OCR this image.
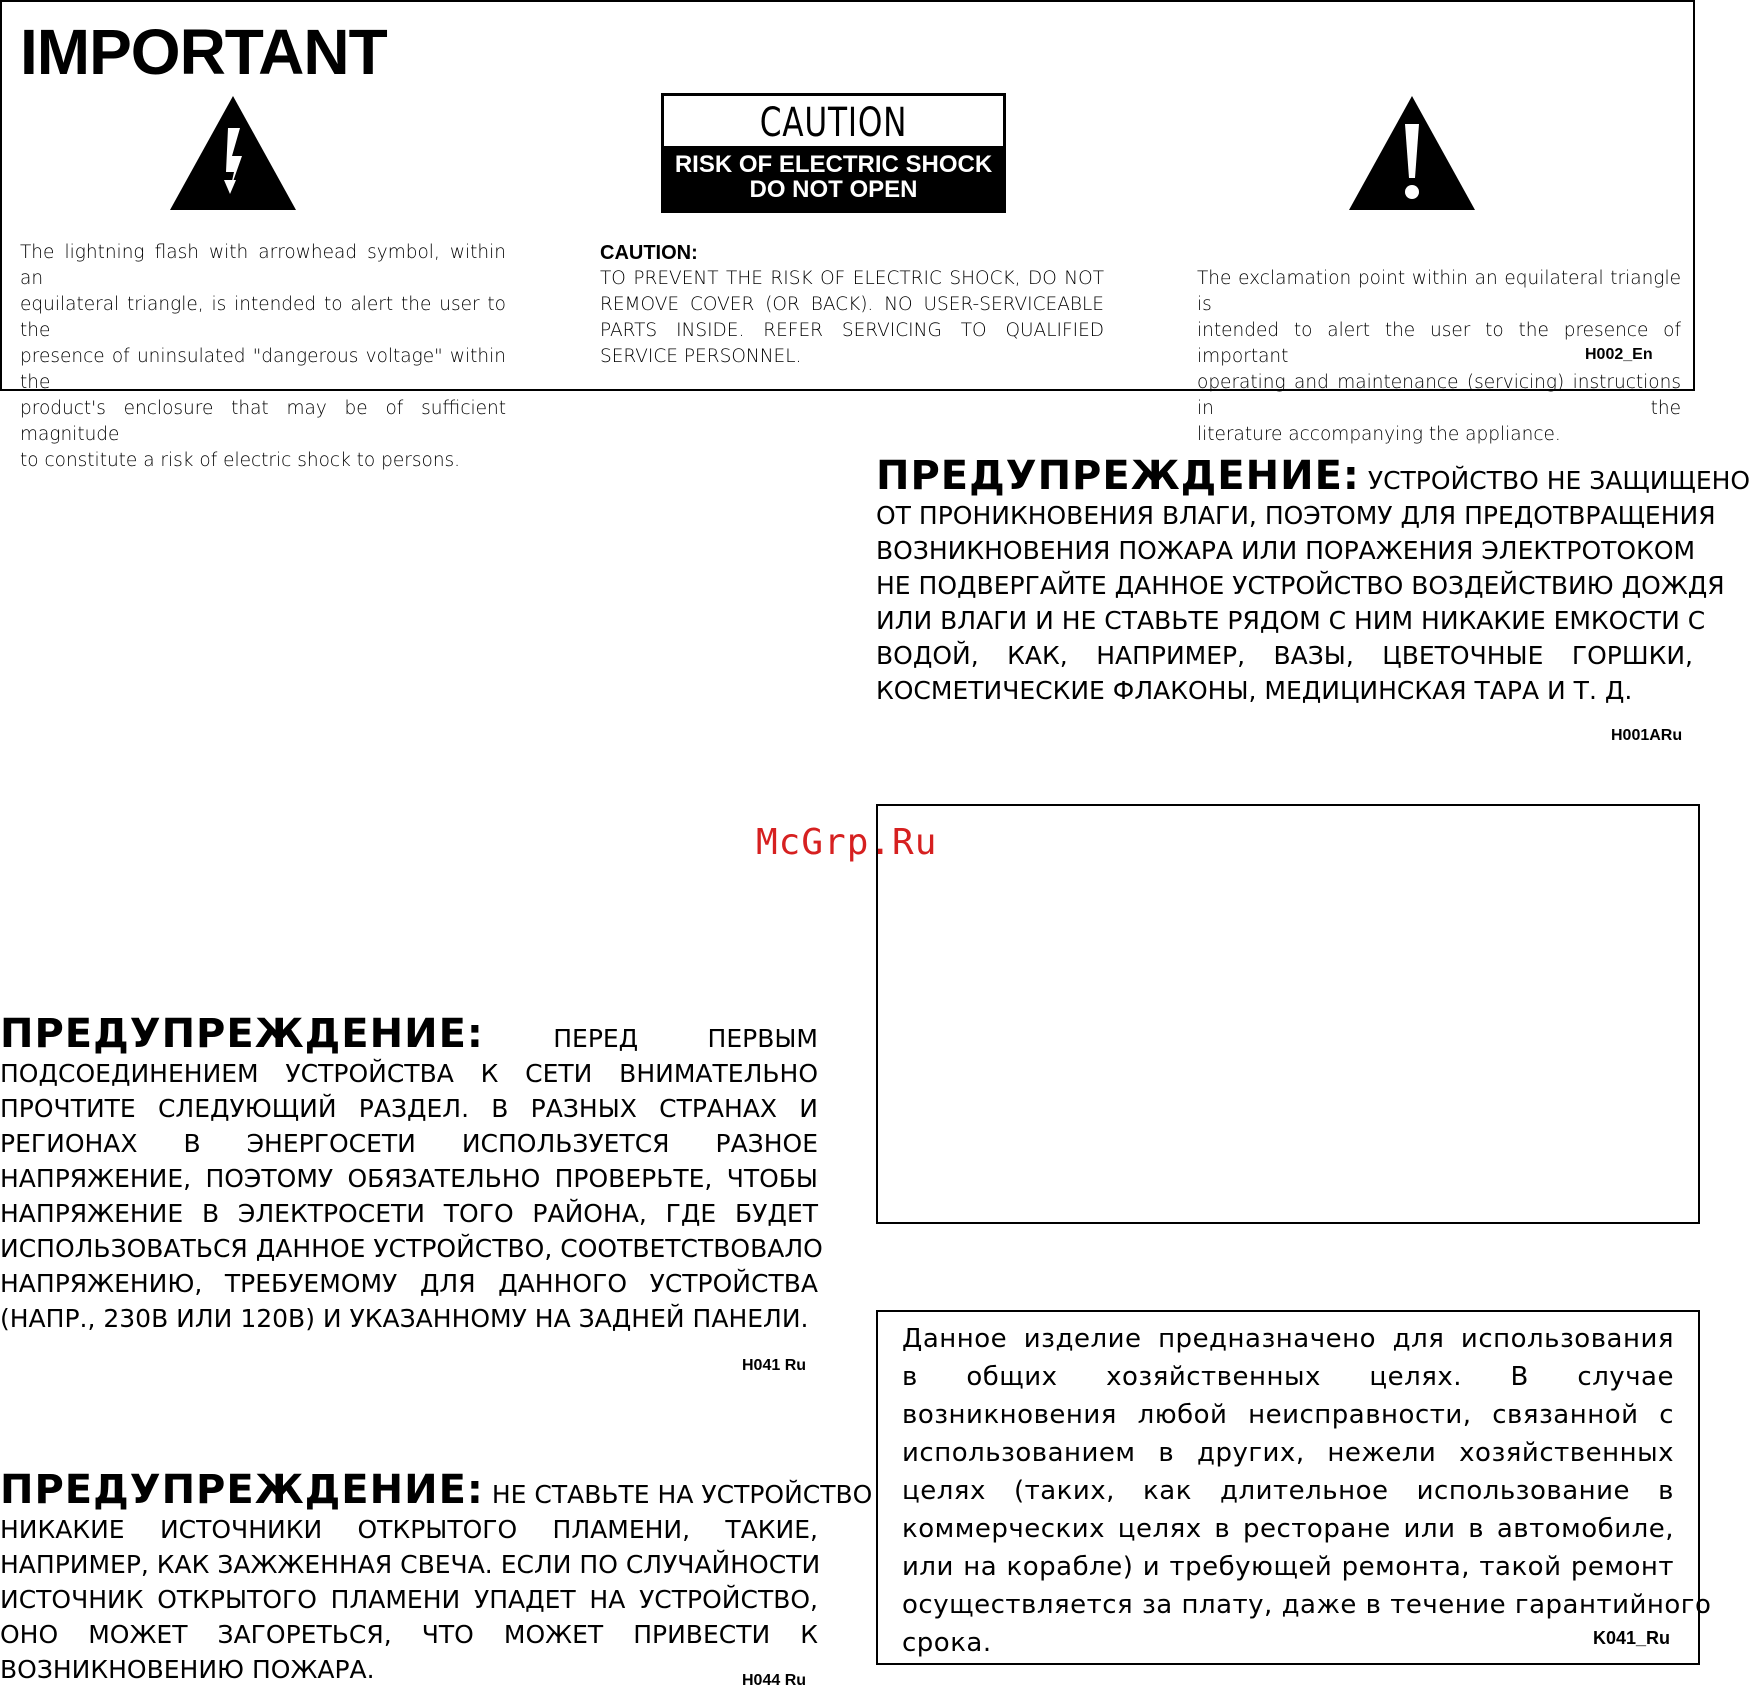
IMPORTANT
CAUTION
RISK OF ELECTRIC SHOCK
DO NOT OPEN
The lightning flash with arrowhead symbol, within an
equilateral triangle, is intended to alert the user to the
presence of uninsulated "dangerous voltage" within the
product's enclosure that may be of sufficient magnitude
to constitute a risk of electric shock to persons.
CAUTION:
TO PREVENT THE RISK OF ELECTRIC SHOCK, DO NOT
REMOVE COVER (OR BACK). NO USER-SERVICEABLE
PARTS INSIDE. REFER SERVICING TO QUALIFIED
SERVICE PERSONNEL.
The exclamation point within an equilateral triangle is
intended to alert the user to the presence of important
operating and maintenance (servicing) instructions in the
literature accompanying the appliance.
H002_En
ПРЕДУПРЕЖДЕНИЕ: УСТРОЙСТВО НЕ ЗАЩИЩЕНО
ОТ ПРОНИКНОВЕНИЯ ВЛАГИ, ПОЭТОМУ ДЛЯ ПРЕДОТВРАЩЕНИЯ
ВОЗНИКНОВЕНИЯ ПОЖАРА ИЛИ ПОРАЖЕНИЯ ЭЛЕКТРОТОКОМ
НЕ ПОДВЕРГАЙТЕ ДАННОЕ УСТРОЙСТВО ВОЗДЕЙСТВИЮ ДОЖДЯ
ИЛИ ВЛАГИ И НЕ СТАВЬТЕ РЯДОМ С НИМ НИКАКИЕ ЕМКОСТИ С
ВОДОЙ, КАК, НАПРИМЕР, ВАЗЫ, ЦВЕТОЧНЫЕ ГОРШКИ,
КОСМЕТИЧЕСКИЕ ФЛАКОНЫ, МЕДИЦИНСКАЯ ТАРА И Т. Д.
H001ARu
McGrp.Ru
ПРЕДУПРЕЖДЕНИЕ:	ПЕРЕД ПЕРВЫМ
ПОДСОЕДИНЕНИЕМ УСТРОЙСТВА К СЕТИ ВНИМАТЕЛЬНО
ПРОЧТИТЕ СЛЕДУЮЩИЙ РАЗДЕЛ. В РАЗНЫХ СТРАНАХ И
РЕГИОНАХ В ЭНЕРГОСЕТИ ИСПОЛЬЗУЕТСЯ РАЗНОЕ
НАПРЯЖЕНИЕ, ПОЭТОМУ ОБЯЗАТЕЛЬНО ПРОВЕРЬТЕ, ЧТОБЫ
НАПРЯЖЕНИЕ В ЭЛЕКТРОСЕТИ ТОГО РАЙОНА, ГДЕ БУДЕТ
ИСПОЛЬЗОВАТЬСЯ ДАННОЕ УСТРОЙСТВО, СООТВЕТСТВОВАЛО
НАПРЯЖЕНИЮ, ТРЕБУЕМОМУ ДЛЯ ДАННОГО УСТРОЙСТВА
(НАПР., 230В ИЛИ 120В) И УКАЗАННОМУ НА ЗАДНЕЙ ПАНЕЛИ.
H041 Ru
ПРЕДУПРЕЖДЕНИЕ: НЕ СТАВЬТЕ НА УСТРОЙСТВО
НИКАКИЕ ИСТОЧНИКИ ОТКРЫТОГО ПЛАМЕНИ, ТАКИЕ,
НАПРИМЕР, КАК ЗАЖЖЕННАЯ СВЕЧА. ЕСЛИ ПО СЛУЧАЙНОСТИ
ИСТОЧНИК ОТКРЫТОГО ПЛАМЕНИ УПАДЕТ НА УСТРОЙСТВО,
ОНО МОЖЕТ ЗАГОРЕТЬСЯ, ЧТО МОЖЕТ ПРИВЕСТИ К
ВОЗНИКНОВЕНИЮ ПОЖАРА.	H044 Ru
Данное изделие предназначено для использования
в общих хозяйственных целях. В случае
возникновения любой неисправности, связанной с
использованием в других, нежели хозяйственных
целях (таких, как длительное использование в
коммерческих целях в ресторане или в автомобиле,
или на корабле) и требующей ремонта, такой ремонт
осуществляется за плату, даже в течение гарантийного
срока.	K041_Ru
